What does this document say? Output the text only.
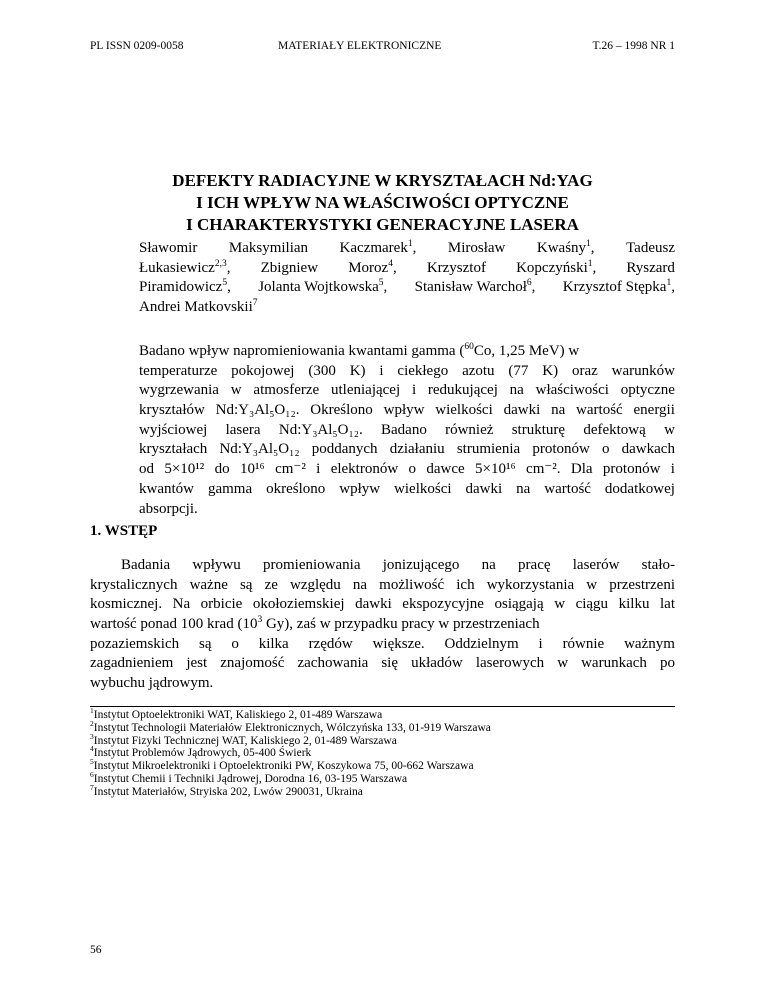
PL ISSN 0209-0058	MATERIAŁY ELEKTRONICZNE	T.26 – 1998 NR 1
DEFEKTY RADIACYJNE W KRYSZTAŁACH Nd:YAG
I ICH WPŁYW NA WŁAŚCIWOŚCI OPTYCZNE
I CHARAKTERYSTYKI GENERACYJNE LASERA
Sławomir Maksymilian Kaczmarek$^1$, Mirosław Kwaśny$^1$, Tadeusz
Łukasiewicz$^{2,3}$, Zbigniew Moroz$^4$, Krzysztof Kopczyński$^1$, Ryszard
Piramidowicz$^5$, Jolanta Wojtkowska$^5$, Stanisław Warchoł$^6$, Krzysztof Stępka$^1$,
Andrei Matkovskii$^7$
Badano wpływ napromieniowania kwantami gamma ($^{60}$Co, 1,25 MeV) w
temperaturze pokojowej (300 K) i ciekłego azotu (77 K) oraz warunków
wygrzewania w atmosferze utleniającej i redukującej na właściwości optyczne
kryształów Nd:Y₃Al₅O₁₂. Określono wpływ wielkości dawki na wartość energii
wyjściowej lasera Nd:Y₃Al₅O₁₂. Badano również strukturę defektową w
kryształach Nd:Y₃Al₅O₁₂ poddanych działaniu strumienia protonów o dawkach
od 5×10¹² do 10¹⁶ cm⁻² i elektronów o dawce 5×10¹⁶ cm⁻². Dla protonów i
kwantów gamma określono wpływ wielkości dawki na wartość dodatkowej
absorpcji.
1. WSTĘP
Badania wpływu promieniowania jonizującego na pracę laserów stało-
krystalicznych ważne są ze względu na możliwość ich wykorzystania w przestrzeni
kosmicznej. Na orbicie okołoziemskiej dawki ekspozycyjne osiągają w ciągu kilku lat
wartość ponad 100 krad ($10^3$ Gy), zaś w przypadku pracy w przestrzeniach
pozaziemskich są o kilka rzędów większe. Oddzielnym i równie ważnym
zagadnieniem jest znajomość zachowania się układów laserowych w warunkach po
wybuchu jądrowym.
$^1$Instytut Optoelektroniki WAT, Kaliskiego 2, 01-489 Warszawa
$^2$Instytut Technologii Materiałów Elektronicznych, Wólczyńska 133, 01-919 Warszawa
$^3$Instytut Fizyki Technicznej WAT, Kaliskiego 2, 01-489 Warszawa
$^4$Instytut Problemów Jądrowych, 05-400 Świerk
$^5$Instytut Mikroelektroniki i Optoelektroniki PW, Koszykowa 75, 00-662 Warszawa
$^6$Instytut Chemii i Techniki Jądrowej, Dorodna 16, 03-195 Warszawa
$^7$Instytut Materiałów, Stryiska 202, Lwów 290031, Ukraina
56
